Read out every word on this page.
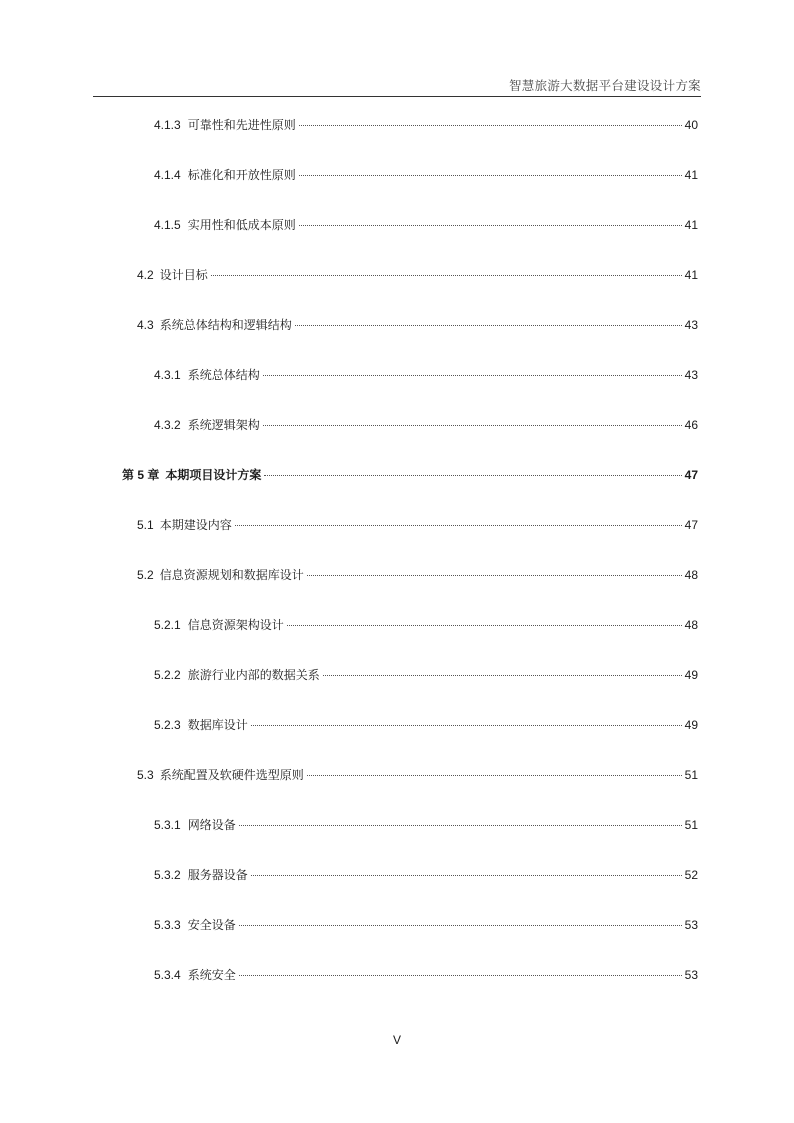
智慧旅游大数据平台建设设计方案
4.1.3 可靠性和先进性原则	40
4.1.4 标准化和开放性原则	41
4.1.5 实用性和低成本原则	41
4.2 设计目标	41
4.3 系统总体结构和逻辑结构	43
4.3.1 系统总体结构	43
4.3.2 系统逻辑架构	46
第 5 章 本期项目设计方案	47
5.1 本期建设内容	47
5.2 信息资源规划和数据库设计	48
5.2.1 信息资源架构设计	48
5.2.2 旅游行业内部的数据关系	49
5.2.3 数据库设计	49
5.3 系统配置及软硬件选型原则	51
5.3.1 网络设备	51
5.3.2 服务器设备	52
5.3.3 安全设备	53
5.3.4 系统安全	53
V
